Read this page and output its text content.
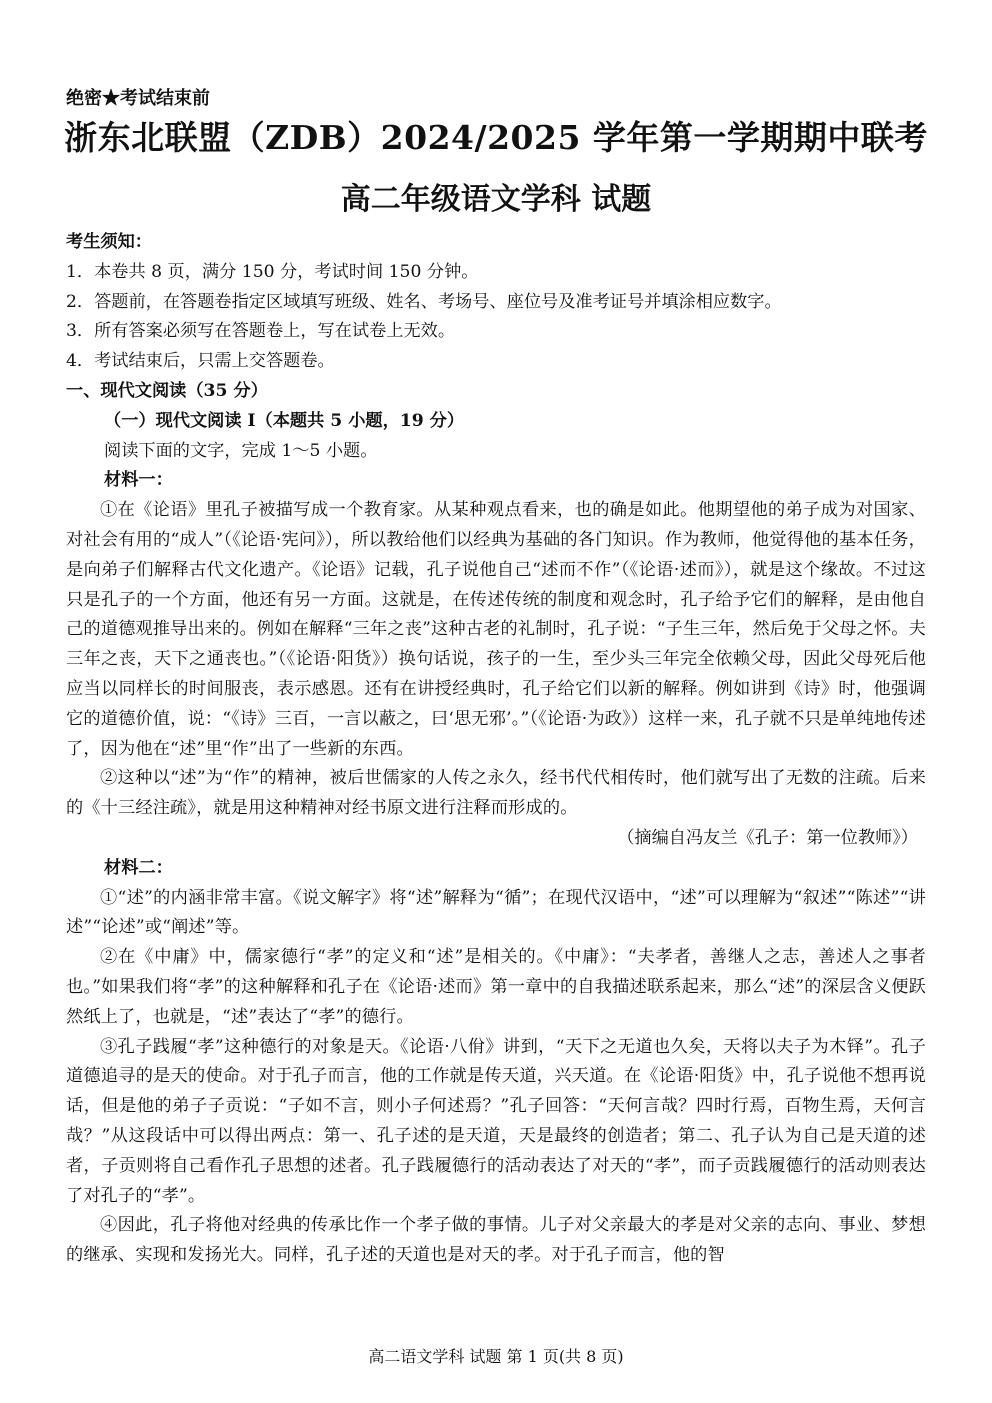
绝密★考试结束前
浙东北联盟（ZDB）2024/2025 学年第一学期期中联考
高二年级语文学科 试题

考生须知：

1．本卷共 8 页，满分 150 分，考试时间 150 分钟。

2．答题前，在答题卷指定区域填写班级、姓名、考场号、座位号及准考证号并填涂相应数字。

3．所有答案必须写在答题卷上，写在试卷上无效。

4．考试结束后，只需上交答题卷。

一、现代文阅读（35 分）

（一）现代文阅读 I（本题共 5 小题，19 分）

阅读下面的文字，完成 1～5 小题。

材料一：

①在《论语》里孔子被描写成一个教育家。从某种观点看来，也的确是如此。他期望他的弟子成为对国家、对社会有用的“成人”（《论语·宪问》），所以教给他们以经典为基础的各门知识。作为教师，他觉得他的基本任务，是向弟子们解释古代文化遗产。《论语》记载，孔子说他自己“述而不作”（《论语·述而》），就是这个缘故。不过这只是孔子的一个方面，他还有另一方面。这就是，在传述传统的制度和观念时，孔子给予它们的解释，是由他自己的道德观推导出来的。例如在解释“三年之丧”这种古老的礼制时，孔子说：“子生三年，然后免于父母之怀。夫三年之丧，天下之通丧也。”（《论语·阳货》）换句话说，孩子的一生，至少头三年完全依赖父母，因此父母死后他应当以同样长的时间服丧，表示感恩。还有在讲授经典时，孔子给它们以新的解释。例如讲到《诗》时，他强调它的道德价值，说：“《诗》三百，一言以蔽之，曰‘思无邪’。”（《论语·为政》）这样一来，孔子就不只是单纯地传述了，因为他在“述”里“作”出了一些新的东西。

②这种以“述”为“作”的精神，被后世儒家的人传之永久，经书代代相传时，他们就写出了无数的注疏。后来的《十三经注疏》，就是用这种精神对经书原文进行注释而形成的。

（摘编自冯友兰《孔子：第一位教师》）

材料二：

①“述”的内涵非常丰富。《说文解字》将“述”解释为“循”；在现代汉语中，“述”可以理解为“叙述”“陈述”“讲述”“论述”或“阐述”等。

②在《中庸》中，儒家德行“孝”的定义和“述”是相关的。《中庸》：“夫孝者，善继人之志，善述人之事者也。”如果我们将“孝”的这种解释和孔子在《论语·述而》第一章中的自我描述联系起来，那么“述”的深层含义便跃然纸上了，也就是，“述”表达了“孝”的德行。

③孔子践履“孝”这种德行的对象是天。《论语·八佾》讲到，“天下之无道也久矣，天将以夫子为木铎”。孔子道德追寻的是天的使命。对于孔子而言，他的工作就是传天道，兴天道。在《论语·阳货》中，孔子说他不想再说话，但是他的弟子子贡说：“子如不言，则小子何述焉？”孔子回答：“天何言哉？四时行焉，百物生焉，天何言哉？”从这段话中可以得出两点：第一、孔子述的是天道，天是最终的创造者；第二、孔子认为自己是天道的述者，子贡则将自己看作孔子思想的述者。孔子践履德行的活动表达了对天的“孝”，而子贡践履德行的活动则表达了对孔子的“孝”。

④因此，孔子将他对经典的传承比作一个孝子做的事情。儿子对父亲最大的孝是对父亲的志向、事业、梦想的继承、实现和发扬光大。同样，孔子述的天道也是对天的孝。对于孔子而言，他的智

高二语文学科 试题 第 1 页(共 8 页)
